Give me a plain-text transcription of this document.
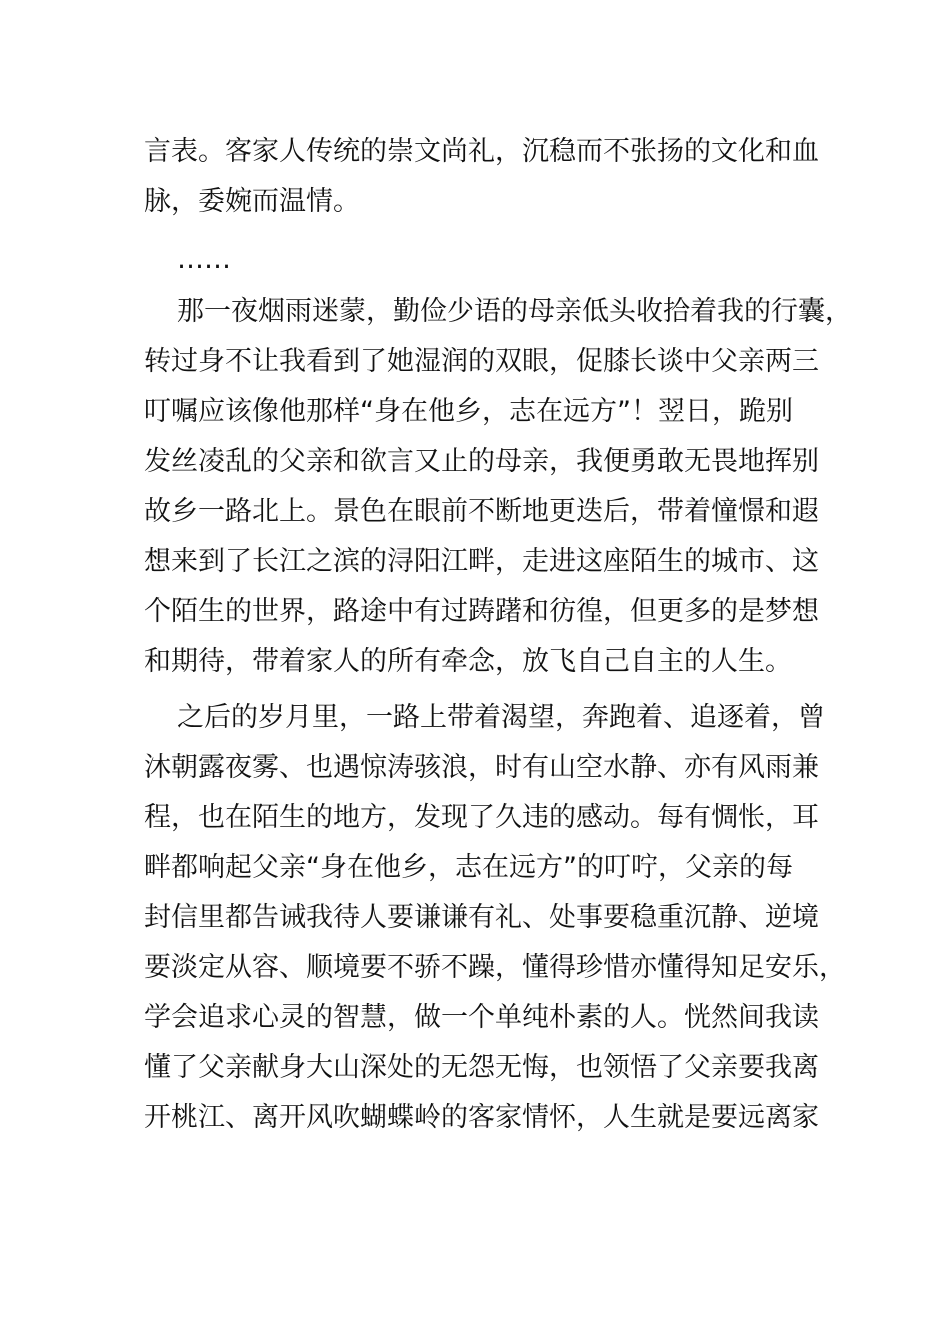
言表。客家人传统的崇文尚礼，沉稳而不张扬的文化和血
脉，委婉而温情。
……
那一夜烟雨迷蒙，勤俭少语的母亲低头收拾着我的行囊，
转过身不让我看到了她湿润的双眼，促膝长谈中父亲两三
叮嘱应该像他那样“身在他乡，志在远方”！翌日，跪别
发丝凌乱的父亲和欲言又止的母亲，我便勇敢无畏地挥别
故乡一路北上。景色在眼前不断地更迭后，带着憧憬和遐
想来到了长江之滨的浔阳江畔，走进这座陌生的城市、这
个陌生的世界，路途中有过踌躇和彷徨，但更多的是梦想
和期待，带着家人的所有牵念，放飞自己自主的人生。
之后的岁月里，一路上带着渴望，奔跑着、追逐着，曾
沐朝露夜雾、也遇惊涛骇浪，时有山空水静、亦有风雨兼
程，也在陌生的地方，发现了久违的感动。每有惆怅，耳
畔都响起父亲“身在他乡，志在远方”的叮咛，父亲的每
封信里都告诫我待人要谦谦有礼、处事要稳重沉静、逆境
要淡定从容、顺境要不骄不躁，懂得珍惜亦懂得知足安乐，
学会追求心灵的智慧，做一个单纯朴素的人。恍然间我读
懂了父亲献身大山深处的无怨无悔，也领悟了父亲要我离
开桃江、离开风吹蝴蝶岭的客家情怀，人生就是要远离家
